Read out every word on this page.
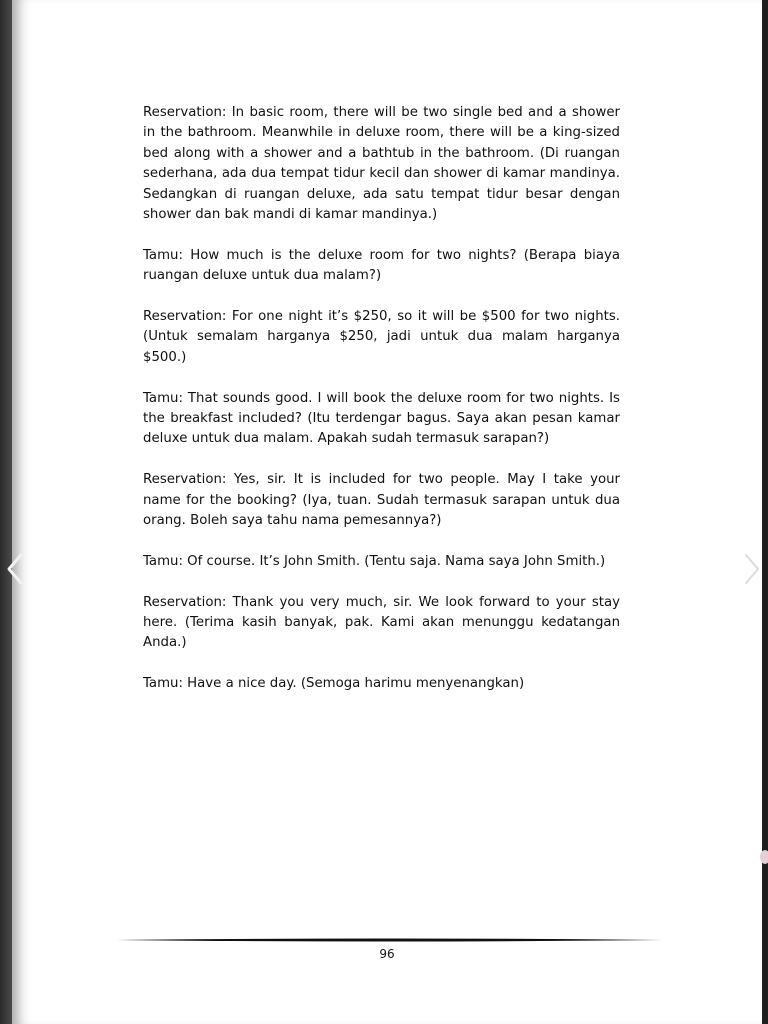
Reservation: In basic room, there will be two single bed and a shower in the bathroom. Meanwhile in deluxe room, there will be a king-sized bed along with a shower and a bathtub in the bathroom. (Di ruangan sederhana, ada dua tempat tidur kecil dan shower di kamar mandinya. Sedangkan di ruangan deluxe, ada satu tempat tidur besar dengan shower dan bak mandi di kamar mandinya.)

Tamu: How much is the deluxe room for two nights? (Berapa biaya ruangan deluxe untuk dua malam?)

Reservation: For one night it’s $250, so it will be $500 for two nights. (Untuk semalam harganya $250, jadi untuk dua malam harganya $500.)

Tamu: That sounds good. I will book the deluxe room for two nights. Is the breakfast included? (Itu terdengar bagus. Saya akan pesan kamar deluxe untuk dua malam. Apakah sudah termasuk sarapan?)

Reservation: Yes, sir. It is included for two people. May I take your name for the booking? (Iya, tuan. Sudah termasuk sarapan untuk dua orang. Boleh saya tahu nama pemesannya?)

Tamu: Of course. It’s John Smith. (Tentu saja. Nama saya John Smith.)

Reservation: Thank you very much, sir. We look forward to your stay here. (Terima kasih banyak, pak. Kami akan menunggu kedatangan Anda.)

Tamu: Have a nice day. (Semoga harimu menyenangkan)

96
